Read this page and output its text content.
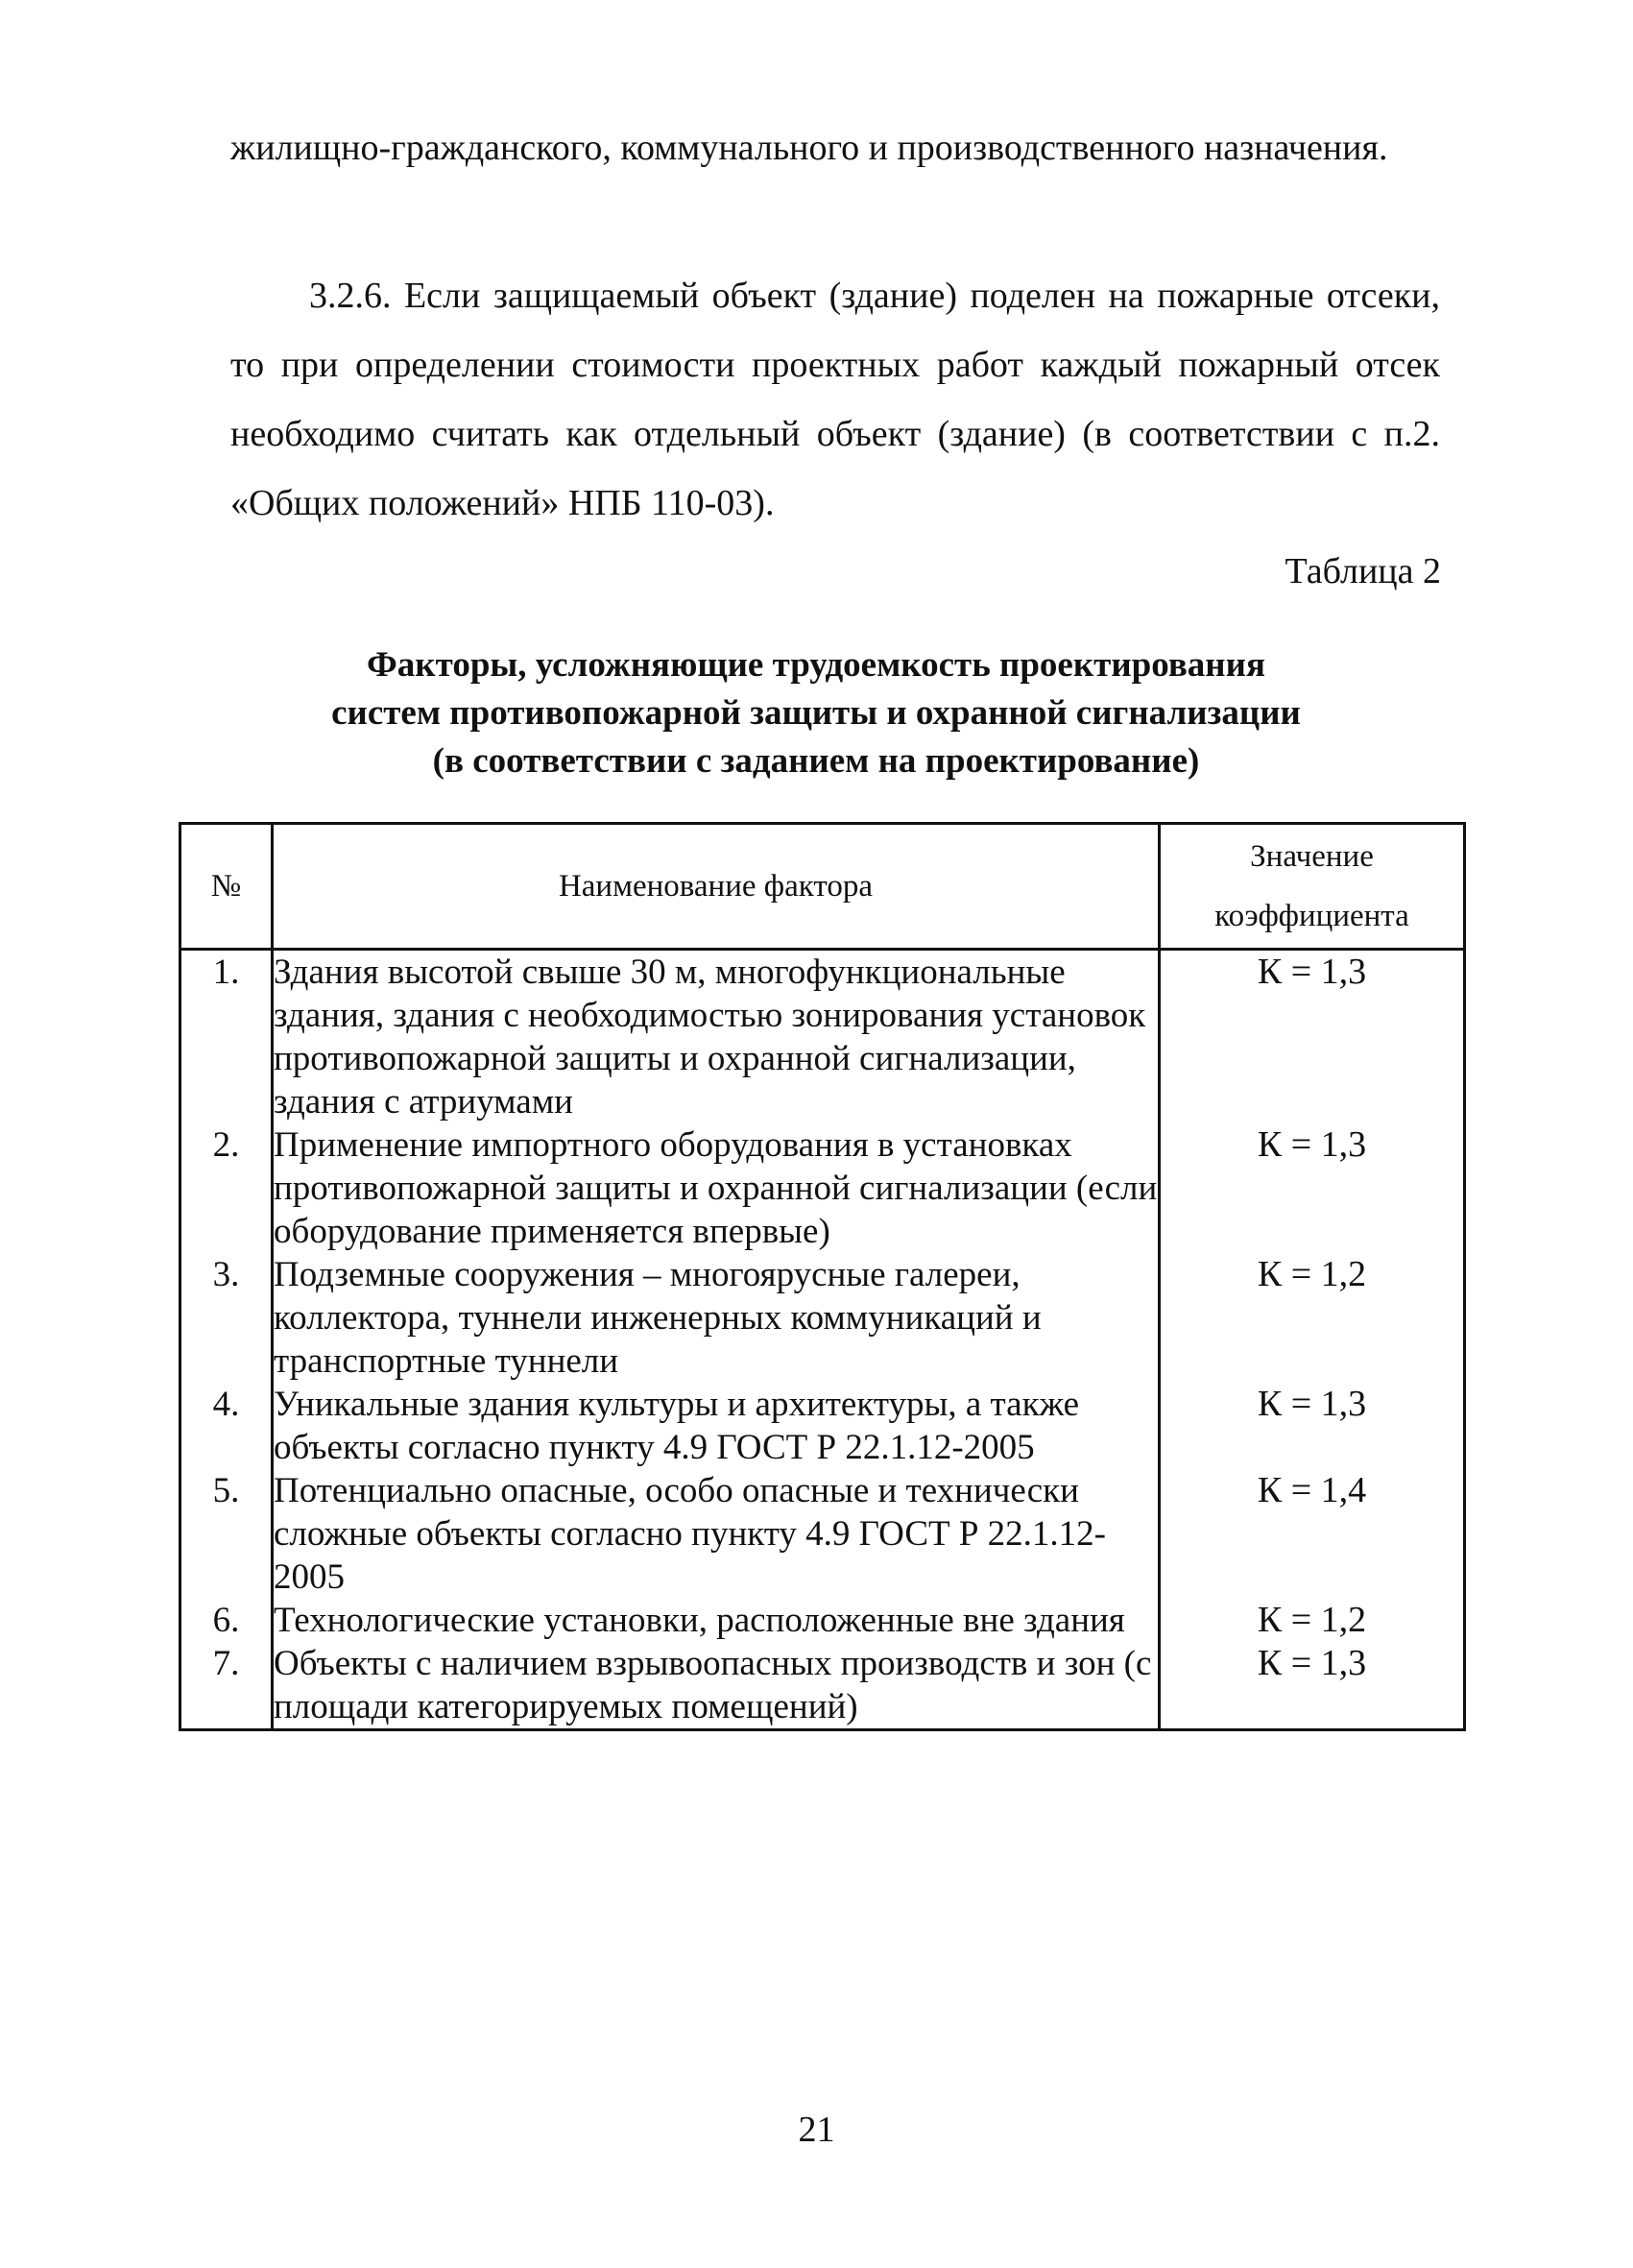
жилищно-гражданского, коммунального и производственного назначения.

3.2.6. Если защищаемый объект (здание) поделен на пожарные отсеки, то при определении стоимости проектных работ каждый пожарный отсек необходимо считать как отдельный объект (здание) (в соответствии с п.2. «Общих положений» НПБ 110-03).

Таблица 2

Факторы, усложняющие трудоемкость проектирования
систем противопожарной защиты и охранной сигнализации
(в соответствии с заданием на проектирование)
№	Наименование фактора	Значение
коэффициента

1.	Здания высотой свыше 30 м, многофункциональные здания, здания с необходимостью зонирования установок противопожарной защиты и охранной сигнализации, здания с атриумами	К = 1,3
2.	Применение импортного оборудования в установках противопожарной защиты и охранной сигнализации (если оборудование применяется впервые)	К = 1,3
3.	Подземные сооружения – многоярусные галереи, коллектора, туннели инженерных коммуникаций и транспортные туннели	К = 1,2
4.	Уникальные здания культуры и архитектуры, а также объекты согласно пункту 4.9 ГОСТ Р 22.1.12-2005	К = 1,3
5.	Потенциально опасные, особо опасные и технически сложные объекты согласно пункту 4.9 ГОСТ Р 22.1.12-2005	К = 1,4
6.	Технологические установки, расположенные вне здания	К = 1,2
7.	Объекты с наличием взрывоопасных производств и зон (с площади категорируемых помещений)	К = 1,3

21
